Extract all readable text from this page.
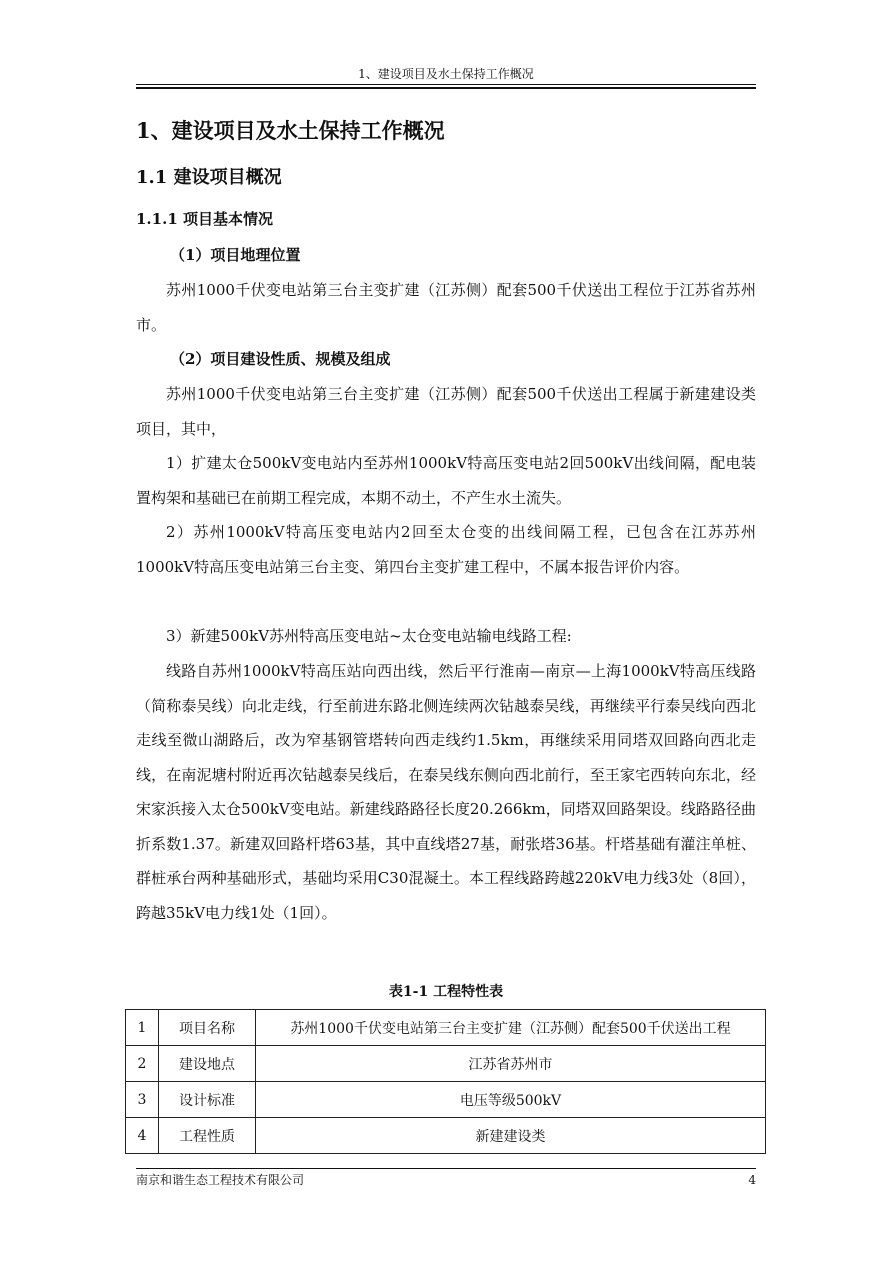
1、建设项目及水土保持工作概况
1、建设项目及水土保持工作概况
1.1 建设项目概况
1.1.1 项目基本情况
（1）项目地理位置

苏州1000千伏变电站第三台主变扩建（江苏侧）配套500千伏送出工程位于江苏省苏州市。

（2）项目建设性质、规模及组成

苏州1000千伏变电站第三台主变扩建（江苏侧）配套500千伏送出工程属于新建建设类项目，其中，

1）扩建太仓500kV变电站内至苏州1000kV特高压变电站2回500kV出线间隔，配电装置构架和基础已在前期工程完成，本期不动土，不产生水土流失。

2）苏州1000kV特高压变电站内2回至太仓变的出线间隔工程，已包含在江苏苏州1000kV特高压变电站第三台主变、第四台主变扩建工程中，不属本报告评价内容。

3）新建500kV苏州特高压变电站~太仓变电站输电线路工程:

线路自苏州1000kV特高压站向西出线，然后平行淮南—南京—上海1000kV特高压线路（简称泰吴线）向北走线，行至前进东路北侧连续两次钻越泰吴线，再继续平行泰吴线向西北走线至微山湖路后，改为窄基钢管塔转向西走线约1.5km，再继续采用同塔双回路向西北走线，在南泥塘村附近再次钻越泰吴线后，在泰吴线东侧向西北前行，至王家宅西转向东北，经宋家浜接入太仓500kV变电站。新建线路路径长度20.266km，同塔双回路架设。线路路径曲折系数1.37。新建双回路杆塔63基，其中直线塔27基，耐张塔36基。杆塔基础有灌注单桩、群桩承台两种基础形式，基础均采用C30混凝土。本工程线路跨越220kV电力线3处（8回），跨越35kV电力线1处（1回）。

表1-1 工程特性表
1	项目名称	苏州1000千伏变电站第三台主变扩建（江苏侧）配套500千伏送出工程
2	建设地点	江苏省苏州市
3	设计标准	电压等级500kV
4	工程性质	新建建设类
南京和谐生态工程技术有限公司	4
